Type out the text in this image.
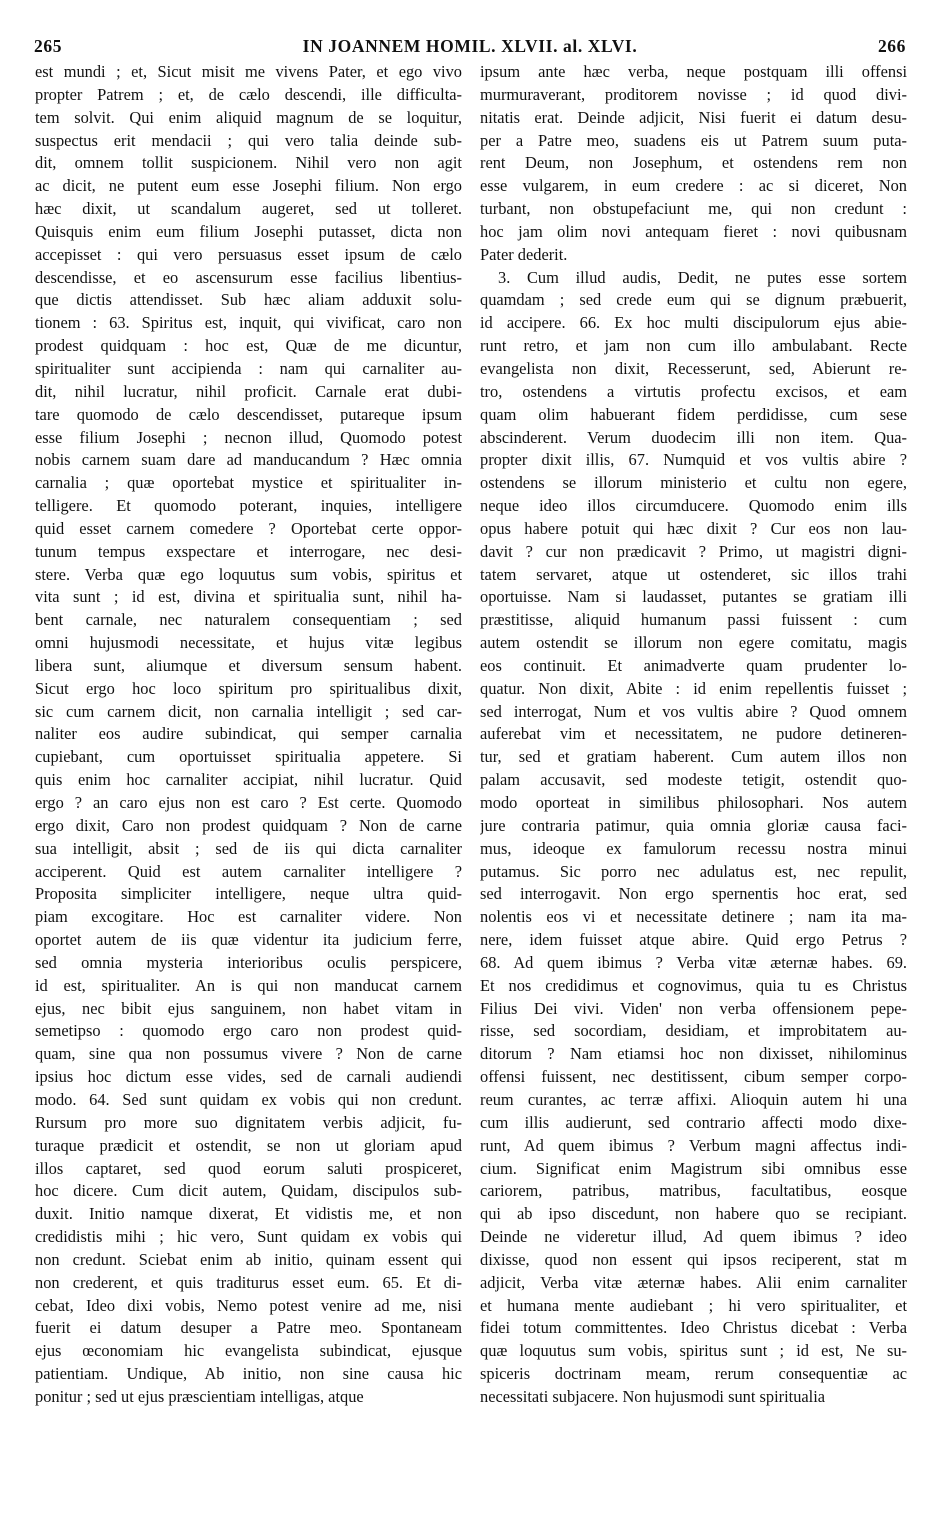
265	IN JOANNEM HOMIL. XLVII. al. XLVI.	266
est mundi ; et, Sicut misit me vivens Pater, et ego vivo
propter Patrem ; et, de cælo descendi, ille difficulta-
tem solvit. Qui enim aliquid magnum de se loquitur,
suspectus erit mendacii ; qui vero talia deinde sub-
dit, omnem tollit suspicionem. Nihil vero non agit
ac dicit, ne putent eum esse Josephi filium. Non ergo
hæc dixit, ut scandalum augeret, sed ut tolleret.
Quisquis enim eum filium Josephi putasset, dicta non
accepisset : qui vero persuasus esset ipsum de cælo
descendisse, et eo ascensurum esse facilius libentius-
que dictis attendisset. Sub hæc aliam adduxit solu-
tionem : 63. Spiritus est, inquit, qui vivificat, caro non
prodest quidquam : hoc est, Quæ de me dicuntur,
spiritualiter sunt accipienda : nam qui carnaliter au-
dit, nihil lucratur, nihil proficit. Carnale erat dubi-
tare quomodo de cælo descendisset, putareque ipsum
esse filium Josephi ; necnon illud, Quomodo potest
nobis carnem suam dare ad manducandum ? Hæc omnia
carnalia ; quæ oportebat mystice et spiritualiter in-
telligere. Et quomodo poterant, inquies, intelligere
quid esset carnem comedere ? Oportebat certe oppor-
tunum tempus exspectare et interrogare, nec desi-
stere. Verba quæ ego loquutus sum vobis, spiritus et
vita sunt ; id est, divina et spiritualia sunt, nihil ha-
bent carnale, nec naturalem consequentiam ; sed
omni hujusmodi necessitate, et hujus vitæ legibus
libera sunt, aliumque et diversum sensum habent.
Sicut ergo hoc loco spiritum pro spiritualibus dixit,
sic cum carnem dicit, non carnalia intelligit ; sed car-
naliter eos audire subindicat, qui semper carnalia
cupiebant, cum oportuisset spiritualia appetere. Si
quis enim hoc carnaliter accipiat, nihil lucratur. Quid
ergo ? an caro ejus non est caro ? Est certe. Quomodo
ergo dixit, Caro non prodest quidquam ? Non de carne
sua intelligit, absit ; sed de iis qui dicta carnaliter
acciperent. Quid est autem carnaliter intelligere ?
Proposita simpliciter intelligere, neque ultra quid-
piam excogitare. Hoc est carnaliter videre. Non
oportet autem de iis quæ videntur ita judicium ferre,
sed omnia mysteria interioribus oculis perspicere,
id est, spiritualiter. An is qui non manducat carnem
ejus, nec bibit ejus sanguinem, non habet vitam in
semetipso : quomodo ergo caro non prodest quid-
quam, sine qua non possumus vivere ? Non de carne
ipsius hoc dictum esse vides, sed de carnali audiendi
modo. 64. Sed sunt quidam ex vobis qui non credunt.
Rursum pro more suo dignitatem verbis adjicit, fu-
turaque prædicit et ostendit, se non ut gloriam apud
illos captaret, sed quod eorum saluti prospiceret,
hoc dicere. Cum dicit autem, Quidam, discipulos sub-
duxit. Initio namque dixerat, Et vidistis me, et non
credidistis mihi ; hic vero, Sunt quidam ex vobis qui
non credunt. Sciebat enim ab initio, quinam essent qui
non crederent, et quis traditurus esset eum. 65. Et di-
cebat, Ideo dixi vobis, Nemo potest venire ad me, nisi
fuerit ei datum desuper a Patre meo. Spontaneam
ejus œconomiam hic evangelista subindicat, ejusque
patientiam. Undique, Ab initio, non sine causa hic
ponitur ; sed ut ejus præscientiam intelligas, atque
ipsum ante hæc verba, neque postquam illi offensi
murmuraverant, proditorem novisse ; id quod divi-
nitatis erat. Deinde adjicit, Nisi fuerit ei datum desu-
per a Patre meo, suadens eis ut Patrem suum puta-
rent Deum, non Josephum, et ostendens rem non
esse vulgarem, in eum credere : ac si diceret, Non
turbant, non obstupefaciunt me, qui non credunt :
hoc jam olim novi antequam fieret : novi quibusnam
Pater dederit.
3. Cum illud audis, Dedit, ne putes esse sortem
quamdam ; sed crede eum qui se dignum præbuerit,
id accipere. 66. Ex hoc multi discipulorum ejus abie-
runt retro, et jam non cum illo ambulabant. Recte
evangelista non dixit, Recesserunt, sed, Abierunt re-
tro, ostendens a virtutis profectu excisos, et eam
quam olim habuerant fidem perdidisse, cum sese
abscinderent. Verum duodecim illi non item. Qua-
propter dixit illis, 67. Numquid et vos vultis abire ?
ostendens se illorum ministerio et cultu non egere,
neque ideo illos circumducere. Quomodo enim ills
opus habere potuit qui hæc dixit ? Cur eos non lau-
davit ? cur non prædicavit ? Primo, ut magistri digni-
tatem servaret, atque ut ostenderet, sic illos trahi
oportuisse. Nam si laudasset, putantes se gratiam illi
præstitisse, aliquid humanum passi fuissent : cum
autem ostendit se illorum non egere comitatu, magis
eos continuit. Et animadverte quam prudenter lo-
quatur. Non dixit, Abite : id enim repellentis fuisset ;
sed interrogat, Num et vos vultis abire ? Quod omnem
auferebat vim et necessitatem, ne pudore detineren-
tur, sed et gratiam haberent. Cum autem illos non
palam accusavit, sed modeste tetigit, ostendit quo-
modo oporteat in similibus philosophari. Nos autem
jure contraria patimur, quia omnia gloriæ causa faci-
mus, ideoque ex famulorum recessu nostra minui
putamus. Sic porro nec adulatus est, nec repulit,
sed interrogavit. Non ergo spernentis hoc erat, sed
nolentis eos vi et necessitate detinere ; nam ita ma-
nere, idem fuisset atque abire. Quid ergo Petrus ?
68. Ad quem ibimus ? Verba vitæ æternæ habes. 69.
Et nos credidimus et cognovimus, quia tu es Christus
Filius Dei vivi. Viden' non verba offensionem pepe-
risse, sed socordiam, desidiam, et improbitatem au-
ditorum ? Nam etiamsi hoc non dixisset, nihilominus
offensi fuissent, nec destitissent, cibum semper corpo-
reum curantes, ac terræ affixi. Alioquin autem hi una
cum illis audierunt, sed contrario affecti modo dixe-
runt, Ad quem ibimus ? Verbum magni affectus indi-
cium. Significat enim Magistrum sibi omnibus esse
cariorem, patribus, matribus, facultatibus, eosque
qui ab ipso discedunt, non habere quo se recipiant.
Deinde ne videretur illud, Ad quem ibimus ? ideo
dixisse, quod non essent qui ipsos reciperent, stat m
adjicit, Verba vitæ æternæ habes. Alii enim carnaliter
et humana mente audiebant ; hi vero spiritualiter, et
fidei totum committentes. Ideo Christus dicebat : Verba
quæ loquutus sum vobis, spiritus sunt ; id est, Ne su-
spiceris doctrinam meam, rerum consequentiæ ac
necessitati subjacere. Non hujusmodi sunt spiritualia
